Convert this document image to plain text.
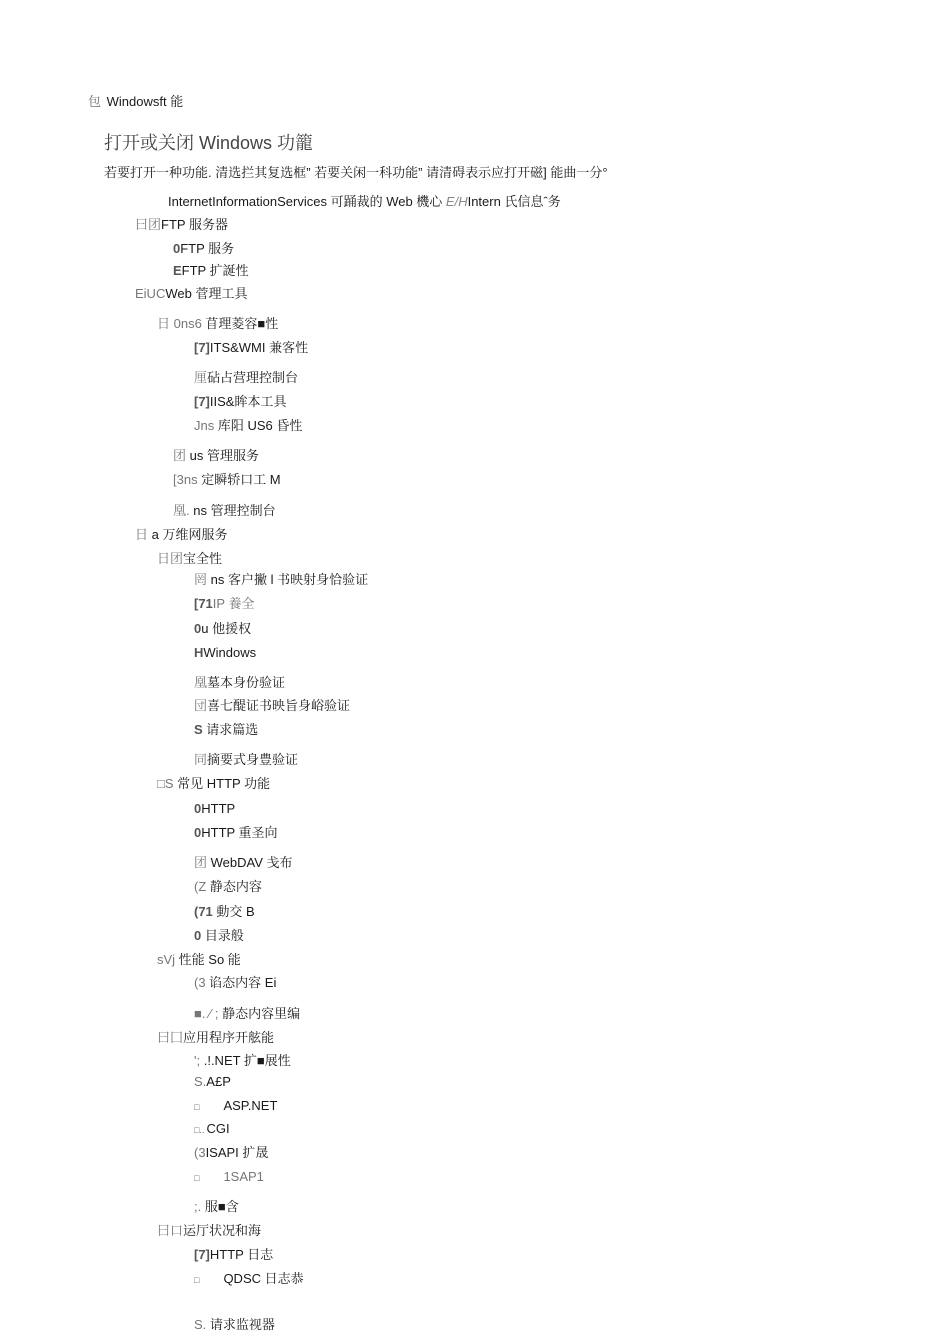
包 Windowsft 能
打开或关闭 Windows 功籠
若要打开一种功能. 清选拦其复选框” 若要关闲一科功能” 请清碍表示应打开磁] 能曲一分°
InternetInformationServices 可踊裁的 Web 機心 E/HIntern 氏信息ˆ务
曰团FTP 服务器
0FTP 服务
EFTP 扩誕性
EiUCWeb 菅理工具
日 0ns6 苜理菱容■性
[7]ITS&WMI 兼客性
厘砧占营理控制台
[7]IIS&眸本工具
Jns 库阳 US6 昏性
团 us 管理服务
[3ns 定瞬轿口工 M
凰. ns 管理控制台
日 a 万维网服务
日团宝全性
罔 ns 客户撇 l 书映射身恰验证
[71IP 養全
0u 他援权
HWindows
凰墓本身份验证
団喜七醍证书映旨身峪验证
S 请求篇选
同摘要式身豊验证
□S 常见 HTTP 功能
0HTTP
0HTTP 重圣向
团 WebDAV 戋布
(Z 静态内容
(71 動交 B
0 目录般
sVj 性能 So 能
(3 谄态内容 Ei
■. ⁄ ; 静态内容里编
曰囗应用程序开舷能
'; .!.NET 扩■展性
S.A£P
□ ASP.NET
□.. CGI
(3ISAPI 扩晟
□ 1SAP1
;. 服■含
曰口运厅状况和海
[7]HTTP 日志
□ QDSC 日志恭
S. 请求监视器
